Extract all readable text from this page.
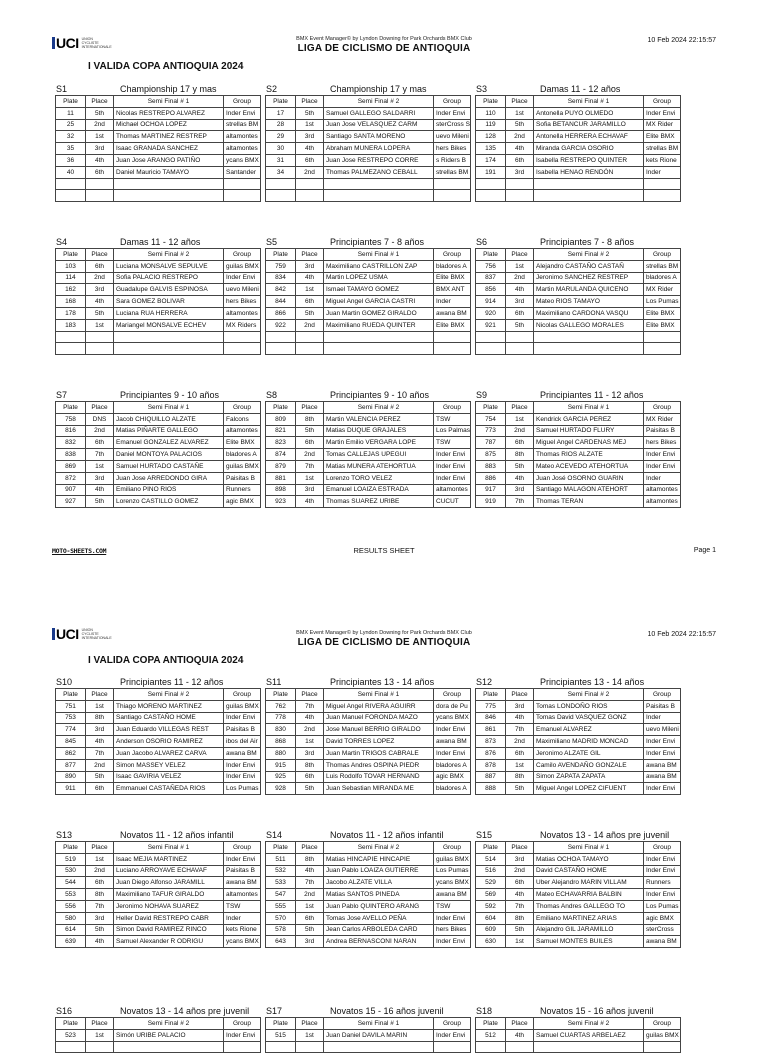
UCI UNION CYCLISTE INTERNATIONALE
BMX Event Manager© by Lyndon Downing for Park Orchards BMX Club
LIGA DE CICLISMO DE ANTIOQUIA
10 Feb 2024 22:15:57
I VALIDA COPA ANTIOQUIA 2024
S1	Championship 17 y mas
Plate	Place	Semi Final # 1	Group
11	5th	Nicolas RESTREPO ALVAREZ	Inder Envi
25	2nd	Michael OCHOA LOPEZ	strellas BM
32	1st	Thomas MARTINEZ RESTREP	altamontes
35	3rd	Isaac GRANADA SANCHEZ	altamontes
36	4th	Juan Jose ARANGO PATIÑO	ycans BMX
40	6th	Daniel Mauricio TAMAYO	Santander

S2	Championship 17 y mas
Plate	Place	Semi Final # 2	Group
17	5th	Samuel GALLEGO SALDARRI	Inder Envi
28	1st	Juan Jose VELASQUEZ CARM	sterCross S
29	3rd	Santiago SANTA MORENO	uevo Mileni
30	4th	Abraham MUNERA LOPERA	hers Bikes
31	6th	Juan Jose RESTREPO CORRE	s Riders B
34	2nd	Thomas PALMEZANO CEBALL	strellas BM

S3	Damas 11 - 12 años
Plate	Place	Semi Final # 1	Group
110	1st	Antonella PUYO OLMEDO	Inder Envi
119	5th	Sofia BETANCUR JARAMILLO	MX Rider
128	2nd	Antonella HERRERA ECHAVAF	Elite BMX
135	4th	Miranda GARCIA OSORIO	strellas BM
174	6th	Isabella RESTREPO QUINTER	kets Rione
191	3rd	Isabella HENAO RENDÓN	Inder

S4	Damas 11 - 12 años
Plate	Place	Semi Final # 2	Group
103	6th	Luciana MONSALVE SEPULVE	guilas BMX
114	2nd	Sofia PALACIO RESTREPO	Inder Envi
162	3rd	Guadalupe GALVIS ESPINOSA	uevo Mileni
168	4th	Sara GOMEZ BOLIVAR	hers Bikes
178	5th	Luciana RUA HERRERA	altamontes
183	1st	Mariangel MONSALVE ECHEV	MX Riders

S5	Principiantes 7 - 8 años
Plate	Place	Semi Final # 1	Group
759	3rd	Maximiliano CASTRILLON ZAP	bladores A
834	4th	Martin LOPEZ USMA	Elite BMX
842	1st	Ismael TAMAYO GOMEZ	BMX ANT
844	6th	Miguel Angel GARCIA CASTRI	Inder
866	5th	Juan Martin GOMEZ GIRALDO	awana BM
922	2nd	Maximiliano RUEDA QUINTER	Elite BMX

S6	Principiantes 7 - 8 años
Plate	Place	Semi Final # 2	Group
756	1st	Alejandro CASTAÑO CASTAÑ	strellas BM
837	2nd	Jeronimo SANCHEZ RESTREP	bladores A
856	4th	Martin MARULANDA QUICENO	MX Rider
914	3rd	Mateo RIOS TAMAYO	Los Pumas
920	6th	Maximiliano CARDONA VASQU	Elite BMX
921	5th	Nicolas GALLEGO MORALES	Elite BMX

S7	Principiantes 9 - 10 años
Plate	Place	Semi Final # 1	Group
758	DNS	Jacob CHIQUILLO ALZATE	Falcons
816	2nd	Matias PIÑARTE GALLEGO	altamontes
832	6th	Emanuel GONZALEZ ALVAREZ	Elite BMX
838	7th	Daniel MONTOYA PALACIOS	bladores A
869	1st	Samuel HURTADO CASTAÑE	guilas BMX
872	3rd	Juan Jose ARREDONDO GIRA	Paisitas B
907	4th	Emiliano PINO RIOS	Runners
927	5th	Lorenzo CASTILLO GOMEZ	agic BMX
S8	Principiantes 9 - 10 años
Plate	Place	Semi Final # 2	Group
809	8th	Martin VALENCIA PEREZ	TSW
821	5th	Matias DUQUE GRAJALES	Los Palmas
823	6th	Martin Emilio VERGARA LOPE	TSW
874	2nd	Tomas CALLEJAS UPEGUI	Inder Envi
879	7th	Matias MUNERA ATEHORTUA	Inder Envi
881	1st	Lorenzo TORO VELEZ	Inder Envi
898	3rd	Emanuel LOAIZA ESTRADA	altamontes
923	4th	Thomas SUAREZ URIBE	CUCUT
S9	Principiantes 11 - 12 años
Plate	Place	Semi Final # 1	Group
754	1st	Kendrick GARCIA PEREZ	MX Rider
773	2nd	Samuel HURTADO FLURY	Paisitas B
787	6th	Miguel Angel CARDENAS MEJ	hers Bikes
875	8th	Thomas RIOS ALZATE	Inder Envi
883	5th	Mateo ACEVEDO ATEHORTUA	Inder Envi
886	4th	Juan José OSORNO GUARIN	Inder
917	3rd	Santiago MALAGON ATEHORT	altamontes
919	7th	Thomas TERAN	altamontes
MOTO-SHEETS.COM	RESULTS SHEET	Page 1
UCI UNION CYCLISTE INTERNATIONALE
BMX Event Manager© by Lyndon Downing for Park Orchards BMX Club
LIGA DE CICLISMO DE ANTIOQUIA
10 Feb 2024 22:15:57
I VALIDA COPA ANTIOQUIA 2024
S10	Principiantes 11 - 12 años
Plate	Place	Semi Final # 2	Group
751	1st	Thiago MORENO MARTINEZ	guilas BMX
753	8th	Santiago CASTAÑO HOME	Inder Envi
774	3rd	Juan Eduardo VILLEGAS REST	Paisitas B
845	4th	Anderson OSORIO RAMIREZ	ibos del Air
862	7th	Juan Jacobo ALVAREZ CARVA	awana BM
877	2nd	Simon MASSEY VELEZ	Inder Envi
890	5th	Isaac GAVIRIA VELEZ	Inder Envi
911	6th	Emmanuel CASTAÑEDA RIOS	Los Pumas
S11	Principiantes 13 - 14 años
Plate	Place	Semi Final # 1	Group
762	7th	Miguel Angel RIVERA AGUIRR	dora de Pu
778	4th	Juan Manuel FORONDA MAZO	ycans BMX
830	2nd	Jose Manuel BERRIO GIRALDO	Inder Envi
868	1st	David TORRES LOPEZ	awana BM
880	3rd	Juan Martin TRIGOS CABRALE	Inder Envi
915	8th	Thomas Andres OSPINA PIEDR	bladores A
925	6th	Luis Rodolfo TOVAR HERNAND	agic BMX
928	5th	Juan Sebastian MIRANDA ME	bladores A
S12	Principiantes 13 - 14 años
Plate	Place	Semi Final # 2	Group
775	3rd	Tomas LONDOÑO RIOS	Paisitas B
846	4th	Tomas David VASQUEZ GONZ	Inder
861	7th	Emanuel ALVAREZ	uevo Mileni
873	2nd	Maximiliano MADRID MONCAD	Inder Envi
876	6th	Jeronimo ALZATE GIL	Inder Envi
878	1st	Camilo AVENDAÑO GONZALE	awana BM
887	8th	Simon ZAPATA ZAPATA	awana BM
888	5th	Miguel Angel LOPEZ CIFUENT	Inder Envi
S13	Novatos 11 - 12 años infantil
Plate	Place	Semi Final # 1	Group
519	1st	Isaac MEJIA MARTINEZ	Inder Envi
530	2nd	Luciano ARROYAVE ECHAVAF	Paisitas B
544	6th	Juan Diego Alfonso JARAMILL	awana BM
553	8th	Maximiliano TAFUR GIRALDO	altamontes
556	7th	Jeronimo NOHAVA SUAREZ	TSW
580	3rd	Heller David RESTREPO CABR	Inder
614	5th	Simon David RAMIREZ RINCO	kets Rione
639	4th	Samuel Alexander R ODRIGU	ycans BMX
S14	Novatos 11 - 12 años infantil
Plate	Place	Semi Final # 2	Group
511	8th	Matias HINCAPIE HINCAPIE	guilas BMX
532	4th	Juan Pablo LOAIZA GUTIERRE	Los Pumas
533	7th	Jacobo ALZATE VILLA	ycans BMX
547	2nd	Matias SANTOS PINEDA	awana BM
555	1st	Juan Pablo QUINTERO ARANG	TSW
570	6th	Tomas Jose AVELLO PEÑA	Inder Envi
578	5th	Jean Carlos ARBOLEDA CARD	hers Bikes
643	3rd	Andrea BERNASCONI NARAN	Inder Envi
S15	Novatos 13 - 14 años pre juvenil
Plate	Place	Semi Final # 1	Group
514	3rd	Matias OCHOA TAMAYO	Inder Envi
516	2nd	David CASTAÑO HOME	Inder Envi
529	6th	Uber Alejandro MARIN VILLAM	Runners
569	4th	Mateo ECHAVARRIA BALBIN	Inder Envi
592	7th	Thomas Andres GALLEGO TO	Los Pumas
604	8th	Emiliano MARTINEZ ARIAS	agic BMX
609	5th	Alejandro GIL JARAMILLO	sterCross
630	1st	Samuel MONTES BUILES	awana BM
S16	Novatos 13 - 14 años pre juvenil
Plate	Place	Semi Final # 2	Group
523	1st	Simón URIBE PALACIO	Inder Envi

S17	Novatos 15 - 16 años juvenil
Plate	Place	Semi Final # 1	Group
515	1st	Juan Daniel DAVILA MARIN	Inder Envi

S18	Novatos 15 - 16 años juvenil
Plate	Place	Semi Final # 2	Group
512	4th	Samuel CUARTAS ARBELAEZ	guilas BMX
